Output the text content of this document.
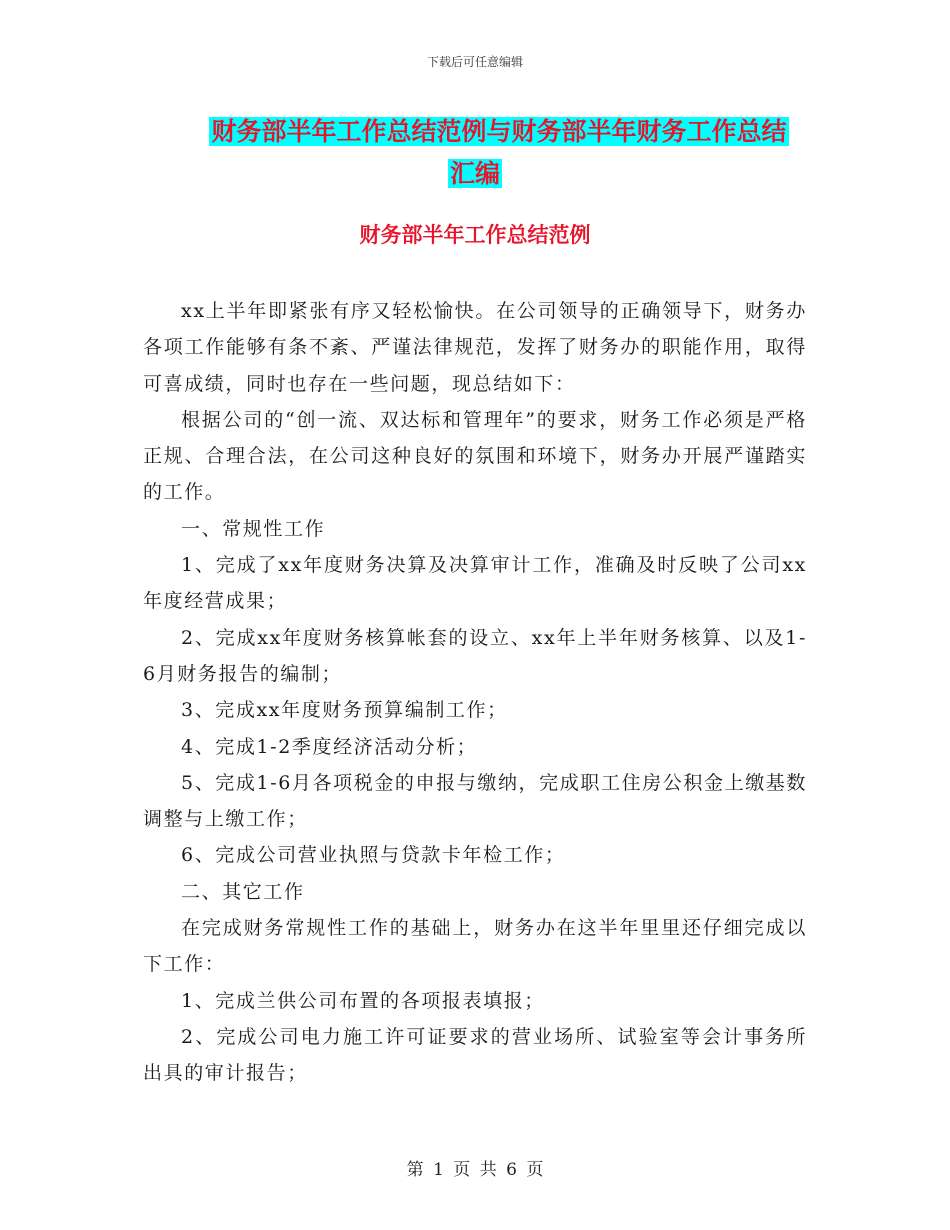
下载后可任意编辑
财务部半年工作总结范例与财务部半年财务工作总结
汇编
财务部半年工作总结范例

xx上半年即紧张有序又轻松愉快。在公司领导的正确领导下，财务办各项工作能够有条不紊、严谨法律规范，发挥了财务办的职能作用，取得可喜成绩，同时也存在一些问题，现总结如下：

根据公司的“创一流、双达标和管理年”的要求，财务工作必须是严格正规、合理合法，在公司这种良好的氛围和环境下，财务办开展严谨踏实的工作。

一、常规性工作

1、完成了xx年度财务决算及决算审计工作，准确及时反映了公司xx年度经营成果；

2、完成xx年度财务核算帐套的设立、xx年上半年财务核算、以及1-6月财务报告的编制；

3、完成xx年度财务预算编制工作；

4、完成1-2季度经济活动分析；

5、完成1-6月各项税金的申报与缴纳，完成职工住房公积金上缴基数调整与上缴工作；

6、完成公司营业执照与贷款卡年检工作；

二、其它工作

在完成财务常规性工作的基础上，财务办在这半年里里还仔细完成以下工作：

1、完成兰供公司布置的各项报表填报；

2、完成公司电力施工许可证要求的营业场所、试验室等会计事务所出具的审计报告；

第 1 页 共 6 页
